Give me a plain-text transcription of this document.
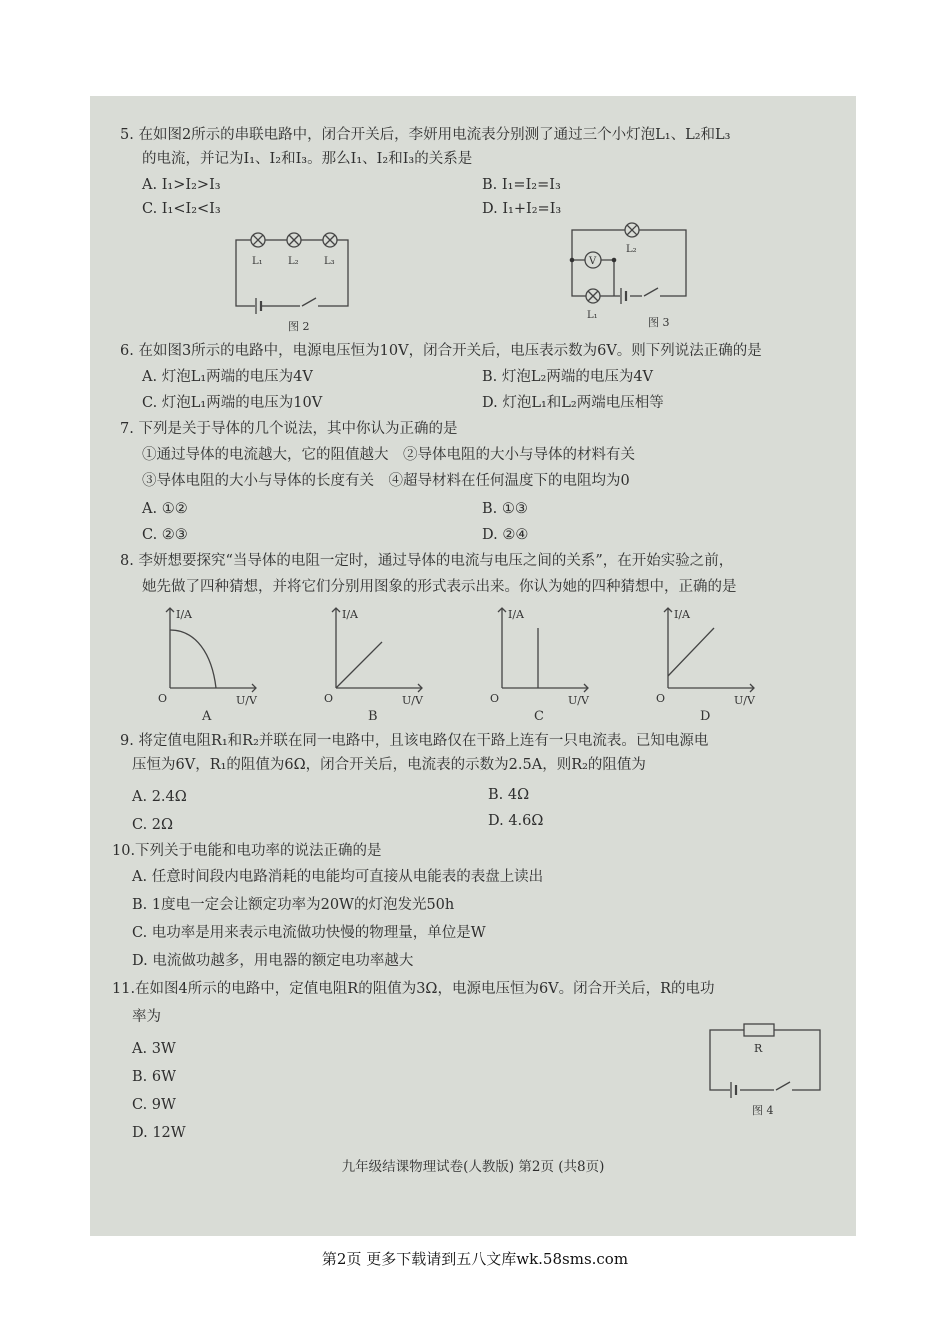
5. 在如图2所示的串联电路中，闭合开关后，李妍用电流表分别测了通过三个小灯泡L₁、L₂和L₃
的电流，并记为I₁、I₂和I₃。那么I₁、I₂和I₃的关系是
A. I₁>I₂>I₃	B. I₁=I₂=I₃
C. I₁<I₂<I₃	D. I₁+I₂=I₃
L₁	L₂	L₃
图 2
V
L₂
L₁
图 3
6. 在如图3所示的电路中，电源电压恒为10V，闭合开关后，电压表示数为6V。则下列说法正确的是
A. 灯泡L₁两端的电压为4V	B. 灯泡L₂两端的电压为4V
C. 灯泡L₁两端的电压为10V	D. 灯泡L₁和L₂两端电压相等
7. 下列是关于导体的几个说法，其中你认为正确的是
①通过导体的电流越大，它的阻值越大　②导体电阻的大小与导体的材料有关
③导体电阻的大小与导体的长度有关　④超导材料在任何温度下的电阻均为0
A. ①②	B. ①③
C. ②③	D. ②④
8. 李妍想要探究“当导体的电阻一定时，通过导体的电流与电压之间的关系”，在开始实验之前，
她先做了四种猜想，并将它们分别用图象的形式表示出来。你认为她的四种猜想中，正确的是
I/A
U/V
O
A
I/A
U/V
O
B
I/A
U/V
O
C
I/A
U/V
O
D
9. 将定值电阻R₁和R₂并联在同一电路中，且该电路仅在干路上连有一只电流表。已知电源电
压恒为6V，R₁的阻值为6Ω，闭合开关后，电流表的示数为2.5A，则R₂的阻值为
A. 2.4Ω	B. 4Ω
C. 2Ω	D. 4.6Ω
10.下列关于电能和电功率的说法正确的是
A. 任意时间段内电路消耗的电能均可直接从电能表的表盘上读出
B. 1度电一定会让额定功率为20W的灯泡发光50h
C. 电功率是用来表示电流做功快慢的物理量，单位是W
D. 电流做功越多，用电器的额定电功率越大
11.在如图4所示的电路中，定值电阻R的阻值为3Ω，电源电压恒为6V。闭合开关后，R的电功
率为
A. 3W
B. 6W
C. 9W
D. 12W
R
图 4
九年级结课物理试卷(人教版) 第2页 (共8页)
第2页 更多下载请到五八文库wk.58sms.com
